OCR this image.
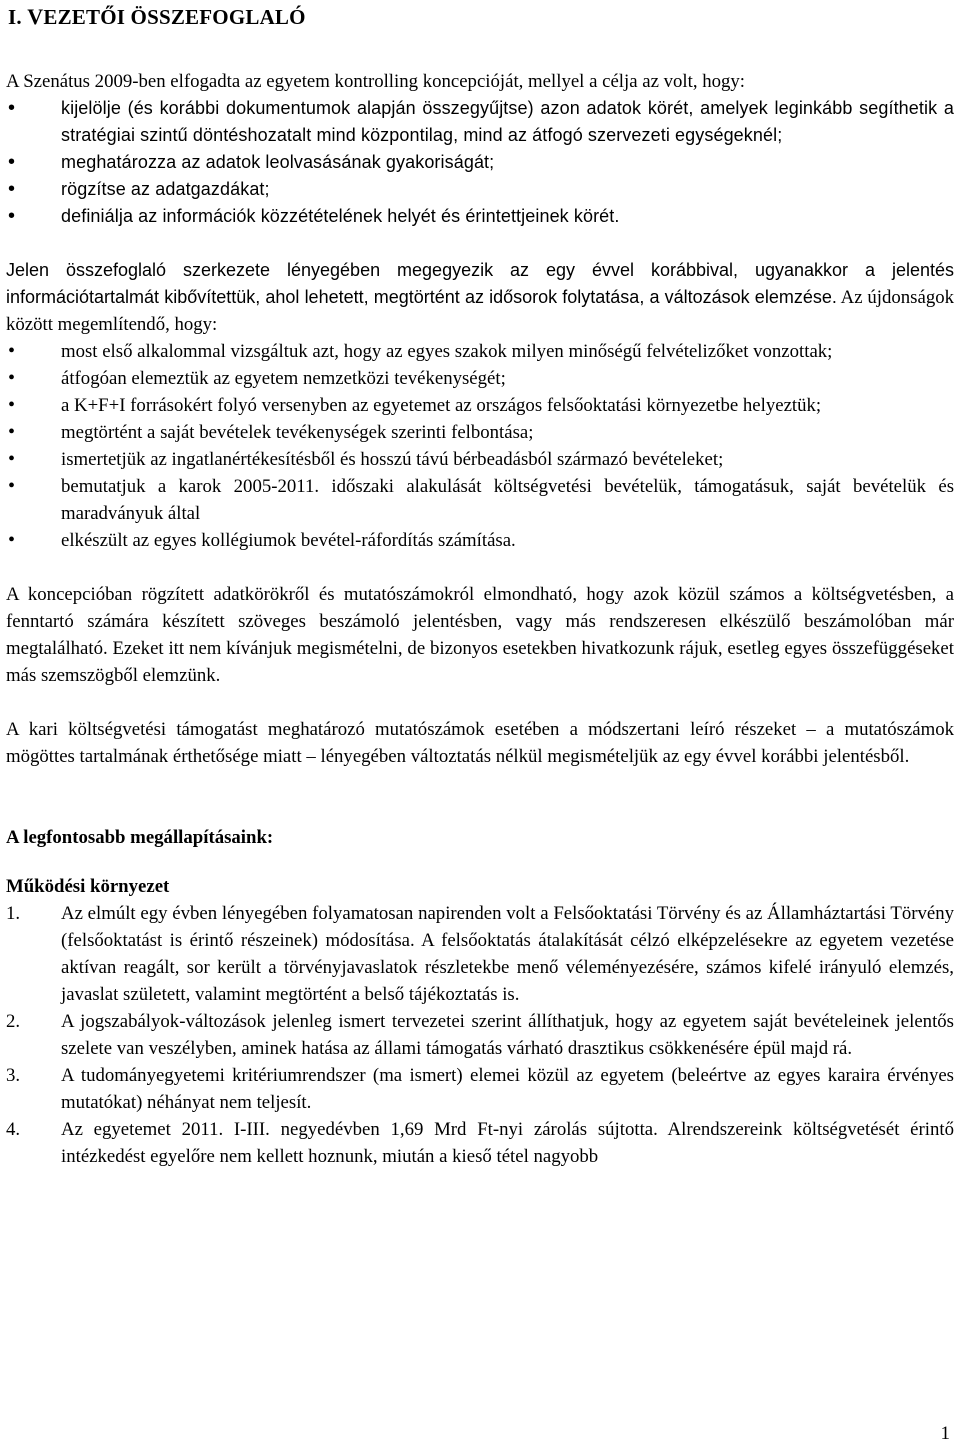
I. VEZETŐI ÖSSZEFOGLALÓ

A Szenátus 2009-ben elfogadta az egyetem kontrolling koncepcióját, mellyel a célja az volt, hogy:

• kijelölje (és korábbi dokumentumok alapján összegyűjtse) azon adatok körét, amelyek leginkább segíthetik a stratégiai szintű döntéshozatalt mind központilag, mind az átfogó szervezeti egységeknél;
• meghatározza az adatok leolvasásának gyakoriságát;
• rögzítse az adatgazdákat;
• definiálja az információk közzétételének helyét és érintettjeinek körét.

Jelen összefoglaló szerkezete lényegében megegyezik az egy évvel korábbival, ugyanakkor a jelentés információtartalmát kibővítettük, ahol lehetett, megtörtént az idősorok folytatása, a változások elemzése. Az újdonságok között megemlítendő, hogy:

• most első alkalommal vizsgáltuk azt, hogy az egyes szakok milyen minőségű felvételizőket vonzottak;
• átfogóan elemeztük az egyetem nemzetközi tevékenységét;
• a K+F+I forrásokért folyó versenyben az egyetemet az országos felsőoktatási környezetbe helyeztük;
• megtörtént a saját bevételek tevékenységek szerinti felbontása;
• ismertetjük az ingatlanértékesítésből és hosszú távú bérbeadásból származó bevételeket;
• bemutatjuk a karok 2005-2011. időszaki alakulását költségvetési bevételük, támogatásuk, saját bevételük és maradványuk által
• elkészült az egyes kollégiumok bevétel-ráfordítás számítása.

A koncepcióban rögzített adatkörökről és mutatószámokról elmondható, hogy azok közül számos a költségvetésben, a fenntartó számára készített szöveges beszámoló jelentésben, vagy más rendszeresen elkészülő beszámolóban már megtalálható. Ezeket itt nem kívánjuk megismételni, de bizonyos esetekben hivatkozunk rájuk, esetleg egyes összefüggéseket más szemszögből elemzünk.

A kari költségvetési támogatást meghatározó mutatószámok esetében a módszertani leíró részeket – a mutatószámok mögöttes tartalmának érthetősége miatt – lényegében változtatás nélkül megismételjük az egy évvel korábbi jelentésből.

A legfontosabb megállapításaink:

Működési környezet

1. Az elmúlt egy évben lényegében folyamatosan napirenden volt a Felsőoktatási Törvény és az Államháztartási Törvény (felsőoktatást is érintő részeinek) módosítása. A felsőoktatás átalakítását célzó elképzelésekre az egyetem vezetése aktívan reagált, sor került a törvényjavaslatok részletekbe menő véleményezésére, számos kifelé irányuló elemzés, javaslat született, valamint megtörtént a belső tájékoztatás is.
2. A jogszabályok-változások jelenleg ismert tervezetei szerint állíthatjuk, hogy az egyetem saját bevételeinek jelentős szelete van veszélyben, aminek hatása az állami támogatás várható drasztikus csökkenésére épül majd rá.
3. A tudományegyetemi kritériumrendszer (ma ismert) elemei közül az egyetem (beleértve az egyes karaira érvényes mutatókat) néhányat nem teljesít.
4. Az egyetemet 2011. I-III. negyedévben 1,69 Mrd Ft-nyi zárolás sújtotta. Alrendszereink költségvetését érintő intézkedést egyelőre nem kellett hoznunk, miután a kieső tétel nagyobb
1
